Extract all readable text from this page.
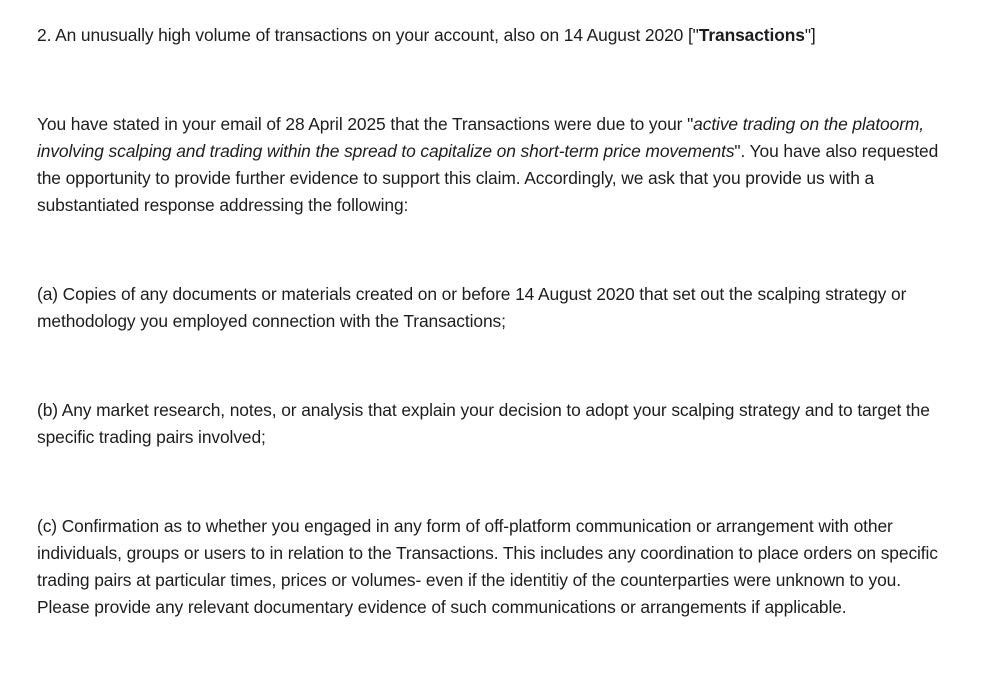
2. An unusually high volume of transactions on your account, also on 14 August 2020 ["Transactions"]

You have stated in your email of 28 April 2025 that the Transactions were due to your "active trading on the platoorm, involving scalping and trading within the spread to capitalize on short-term price movements". You have also requested the opportunity to provide further evidence to support this claim. Accordingly, we ask that you provide us with a substantiated response addressing the following:

(a) Copies of any documents or materials created on or before 14 August 2020 that set out the scalping strategy or methodology you employed connection with the Transactions;

(b) Any market research, notes, or analysis that explain your decision to adopt your scalping strategy and to target the specific trading pairs involved;

(c) Confirmation as to whether you engaged in any form of off-platform communication or arrangement with other individuals, groups or users to in relation to the Transactions. This includes any coordination to place orders on specific trading pairs at particular times, prices or volumes- even if the identitiy of the counterparties were unknown to you. Please provide any relevant documentary evidence of such communications or arrangements if applicable.
